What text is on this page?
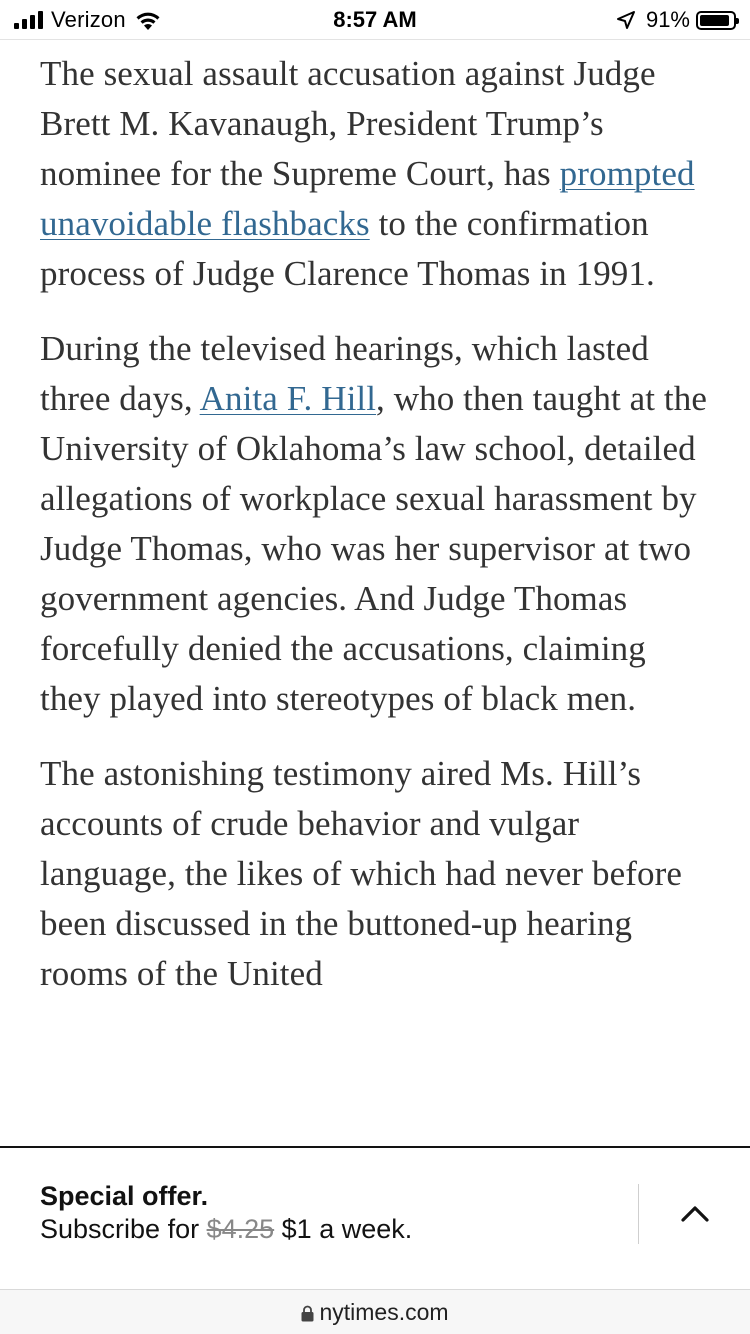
Verizon	8:57 AM	91%

The sexual assault accusation against Judge Brett M. Kavanaugh, President Trump’s nominee for the Supreme Court, has prompted unavoidable flashbacks to the confirmation process of Judge Clarence Thomas in 1991.

During the televised hearings, which lasted three days, Anita F. Hill, who then taught at the University of Oklahoma’s law school, detailed allegations of workplace sexual harassment by Judge Thomas, who was her supervisor at two government agencies. And Judge Thomas forcefully denied the accusations, claiming they played into stereotypes of black men.

The astonishing testimony aired Ms. Hill’s accounts of crude behavior and vulgar language, the likes of which had never before been discussed in the buttoned-up hearing rooms of the United

Special offer.
Subscribe for $4.25 $1 a week.
nytimes.com
